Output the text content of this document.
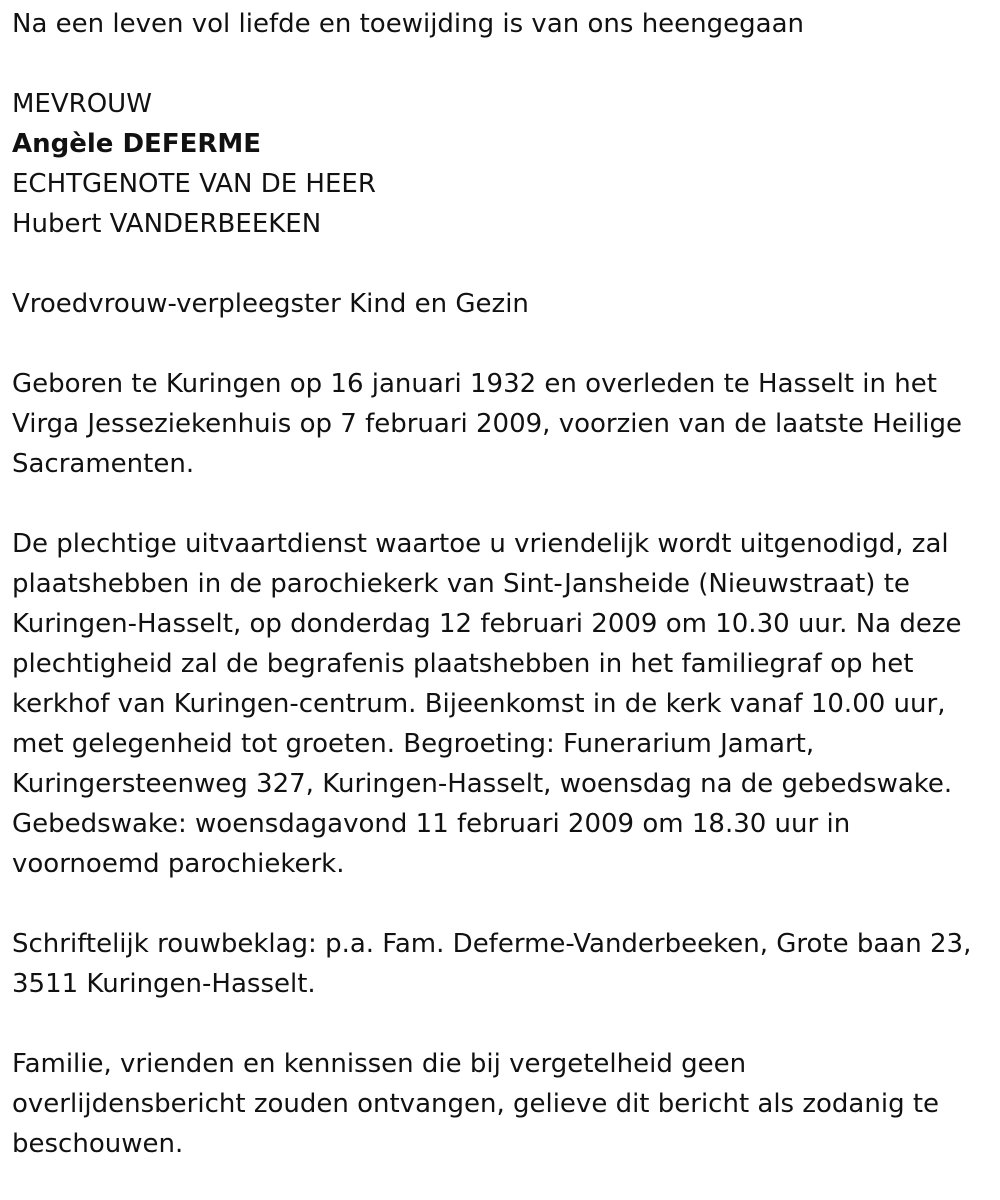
Na een leven vol liefde en toewijding is van ons heengegaan

MEVROUW

Angèle DEFERME

ECHTGENOTE VAN DE HEER

Hubert VANDERBEEKEN

Vroedvrouw-verpleegster Kind en Gezin

Geboren te Kuringen op 16 januari 1932 en overleden te Hasselt in het
Virga Jesseziekenhuis op 7 februari 2009, voorzien van de laatste Heilige
Sacramenten.
De plechtige uitvaartdienst waartoe u vriendelijk wordt uitgenodigd, zal
plaatshebben in de parochiekerk van Sint-Jansheide (Nieuwstraat) te
Kuringen-Hasselt, op donderdag 12 februari 2009 om 10.30 uur. Na deze
plechtigheid zal de begrafenis plaatshebben in het familiegraf op het
kerkhof van Kuringen-centrum. Bijeenkomst in de kerk vanaf 10.00 uur,
met gelegenheid tot groeten. Begroeting: Funerarium Jamart,
Kuringersteenweg 327, Kuringen-Hasselt, woensdag na de gebedswake.
Gebedswake: woensdagavond 11 februari 2009 om 18.30 uur in
voornoemd parochiekerk.
Schriftelijk rouwbeklag: p.a. Fam. Deferme-Vanderbeeken, Grote baan 23,
3511 Kuringen-Hasselt.
Familie, vrienden en kennissen die bij vergetelheid geen
overlijdensbericht zouden ontvangen, gelieve dit bericht als zodanig te
beschouwen.
